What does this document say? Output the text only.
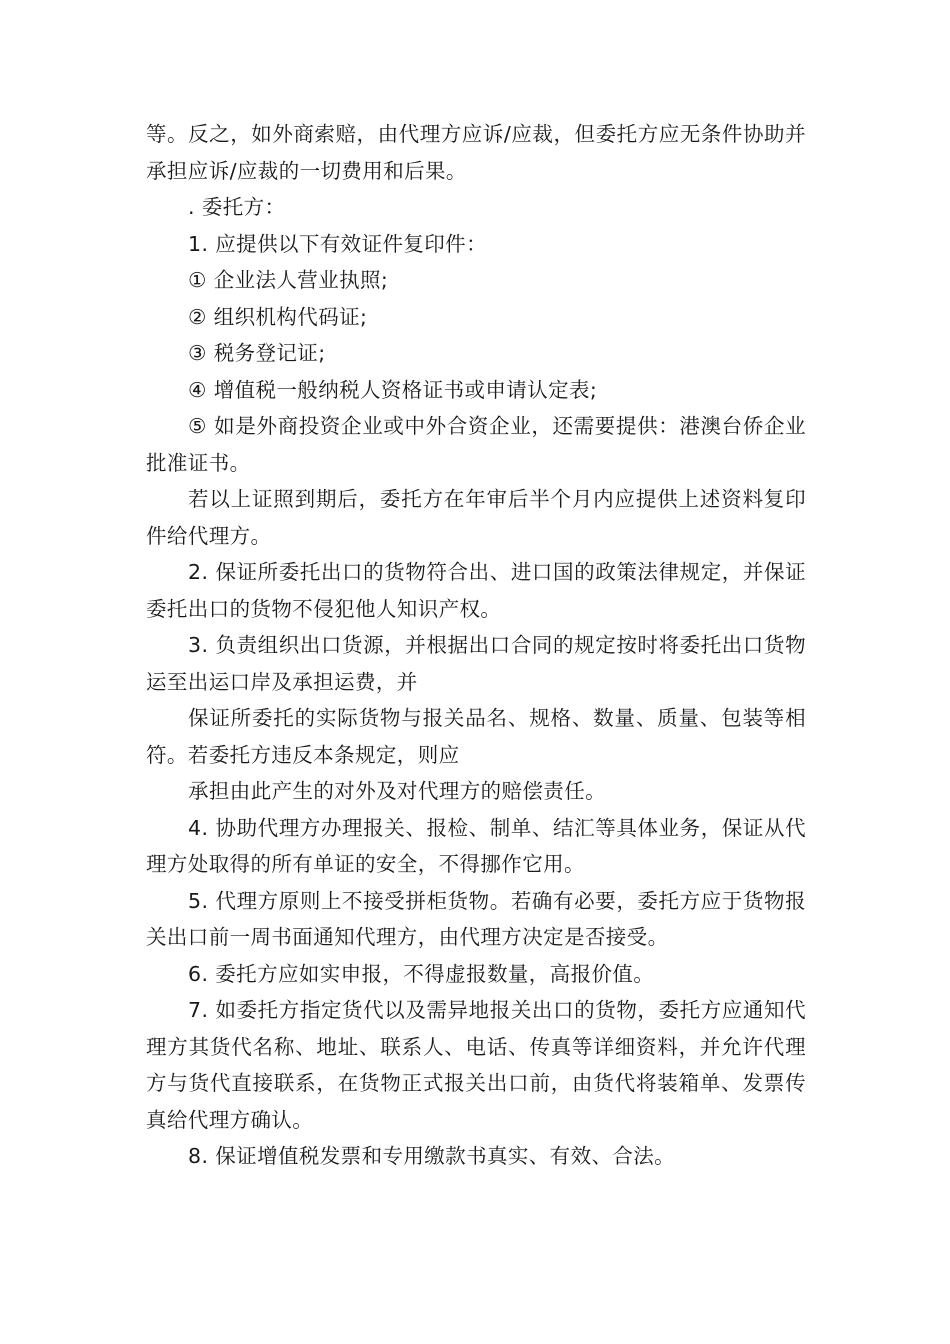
等。反之，如外商索赔，由代理方应诉/应裁，但委托方应无条件协助并承担应诉/应裁的一切费用和后果。

. 委托方：

1. 应提供以下有效证件复印件：

① 企业法人营业执照;

② 组织机构代码证;

③ 税务登记证;

④ 增值税一般纳税人资格证书或申请认定表;

⑤ 如是外商投资企业或中外合资企业，还需要提供：港澳台侨企业批准证书。

若以上证照到期后，委托方在年审后半个月内应提供上述资料复印件给代理方。

2. 保证所委托出口的货物符合出、进口国的政策法律规定，并保证委托出口的货物不侵犯他人知识产权。

3. 负责组织出口货源，并根据出口合同的规定按时将委托出口货物运至出运口岸及承担运费，并

保证所委托的实际货物与报关品名、规格、数量、质量、包装等相符。若委托方违反本条规定，则应

承担由此产生的对外及对代理方的赔偿责任。

4. 协助代理方办理报关、报检、制单、结汇等具体业务，保证从代理方处取得的所有单证的安全，不得挪作它用。

5. 代理方原则上不接受拼柜货物。若确有必要，委托方应于货物报关出口前一周书面通知代理方，由代理方决定是否接受。

6. 委托方应如实申报，不得虚报数量，高报价值。

7. 如委托方指定货代以及需异地报关出口的货物，委托方应通知代理方其货代名称、地址、联系人、电话、传真等详细资料，并允许代理方与货代直接联系，在货物正式报关出口前，由货代将装箱单、发票传真给代理方确认。

8. 保证增值税发票和专用缴款书真实、有效、合法。
